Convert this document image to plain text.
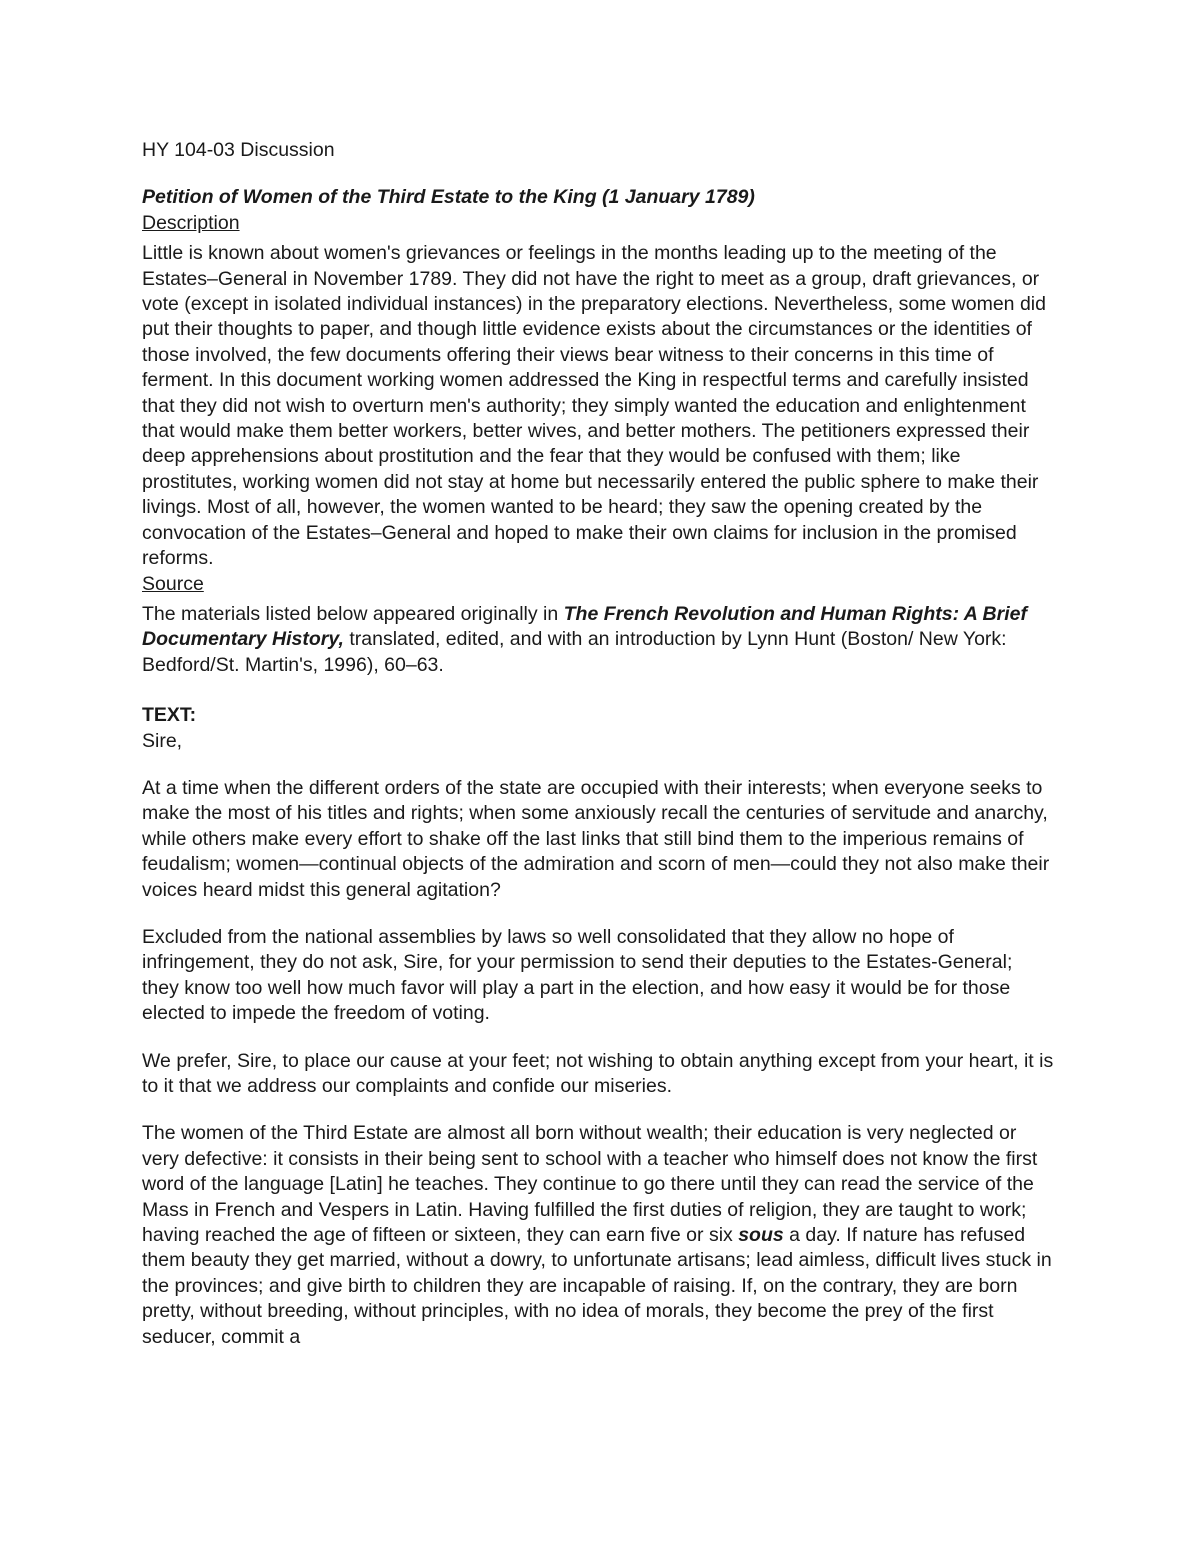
HY 104-03 Discussion

Petition of Women of the Third Estate to the King (1 January 1789)

Description

Little is known about women's grievances or feelings in the months leading up to the meeting of the Estates–General in November 1789. They did not have the right to meet as a group, draft grievances, or vote (except in isolated individual instances) in the preparatory elections. Nevertheless, some women did put their thoughts to paper, and though little evidence exists about the circumstances or the identities of those involved, the few documents offering their views bear witness to their concerns in this time of ferment. In this document working women addressed the King in respectful terms and carefully insisted that they did not wish to overturn men's authority; they simply wanted the education and enlightenment that would make them better workers, better wives, and better mothers. The petitioners expressed their deep apprehensions about prostitution and the fear that they would be confused with them; like prostitutes, working women did not stay at home but necessarily entered the public sphere to make their livings. Most of all, however, the women wanted to be heard; they saw the opening created by the convocation of the Estates–General and hoped to make their own claims for inclusion in the promised reforms.

Source

The materials listed below appeared originally in The French Revolution and Human Rights: A Brief Documentary History, translated, edited, and with an introduction by Lynn Hunt (Boston/ New York: Bedford/St. Martin's, 1996), 60–63.

TEXT:

Sire,

At a time when the different orders of the state are occupied with their interests; when everyone seeks to make the most of his titles and rights; when some anxiously recall the centuries of servitude and anarchy, while others make every effort to shake off the last links that still bind them to the imperious remains of feudalism; women—continual objects of the admiration and scorn of men—could they not also make their voices heard midst this general agitation?

Excluded from the national assemblies by laws so well consolidated that they allow no hope of infringement, they do not ask, Sire, for your permission to send their deputies to the Estates-General; they know too well how much favor will play a part in the election, and how easy it would be for those elected to impede the freedom of voting.

We prefer, Sire, to place our cause at your feet; not wishing to obtain anything except from your heart, it is to it that we address our complaints and confide our miseries.

The women of the Third Estate are almost all born without wealth; their education is very neglected or very defective: it consists in their being sent to school with a teacher who himself does not know the first word of the language [Latin] he teaches. They continue to go there until they can read the service of the Mass in French and Vespers in Latin. Having fulfilled the first duties of religion, they are taught to work; having reached the age of fifteen or sixteen, they can earn five or six sous a day. If nature has refused them beauty they get married, without a dowry, to unfortunate artisans; lead aimless, difficult lives stuck in the provinces; and give birth to children they are incapable of raising. If, on the contrary, they are born pretty, without breeding, without principles, with no idea of morals, they become the prey of the first seducer, commit a
